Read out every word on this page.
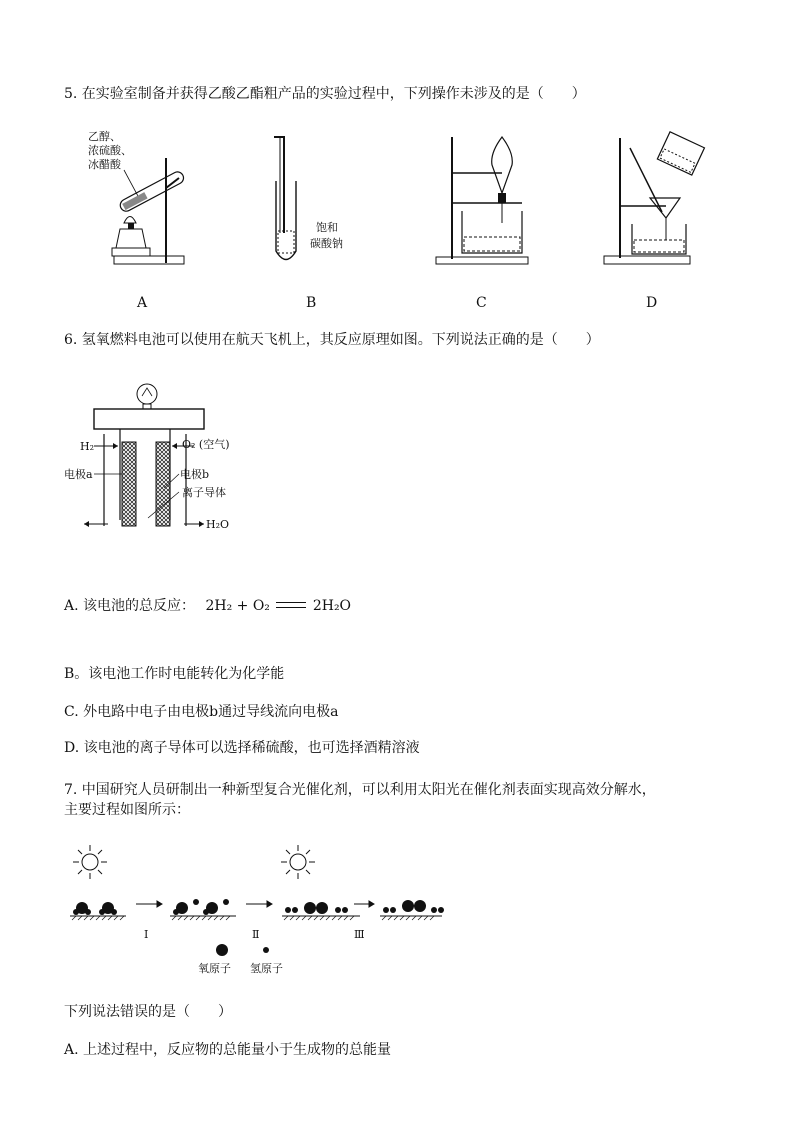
5. 在实验室制备并获得乙酸乙酯粗产品的实验过程中，下列操作未涉及的是（　　）
乙醇、
浓硫酸、
冰醋酸
饱和
碳酸钠
A	B	C	D
6. 氢氧燃料电池可以使用在航天飞机上，其反应原理如图。下列说法正确的是（　　）
H₂	O₂ (空气)
电极a	电极b
离子导体
H₂O
A. 该电池的总反应： 2H₂ + O₂	2H₂O
B。该电池工作时电能转化为化学能
C. 外电路中电子由电极b通过导线流向电极a
D. 该电池的离子导体可以选择稀硫酸，也可选择酒精溶液
7. 中国研究人员研制出一种新型复合光催化剂，可以利用太阳光在催化剂表面实现高效分解水，
主要过程如图所示：
Ⅰ	Ⅱ	Ⅲ
氧原子 氢原子
下列说法错误的是（　　）
A. 上述过程中，反应物的总能量小于生成物的总能量
